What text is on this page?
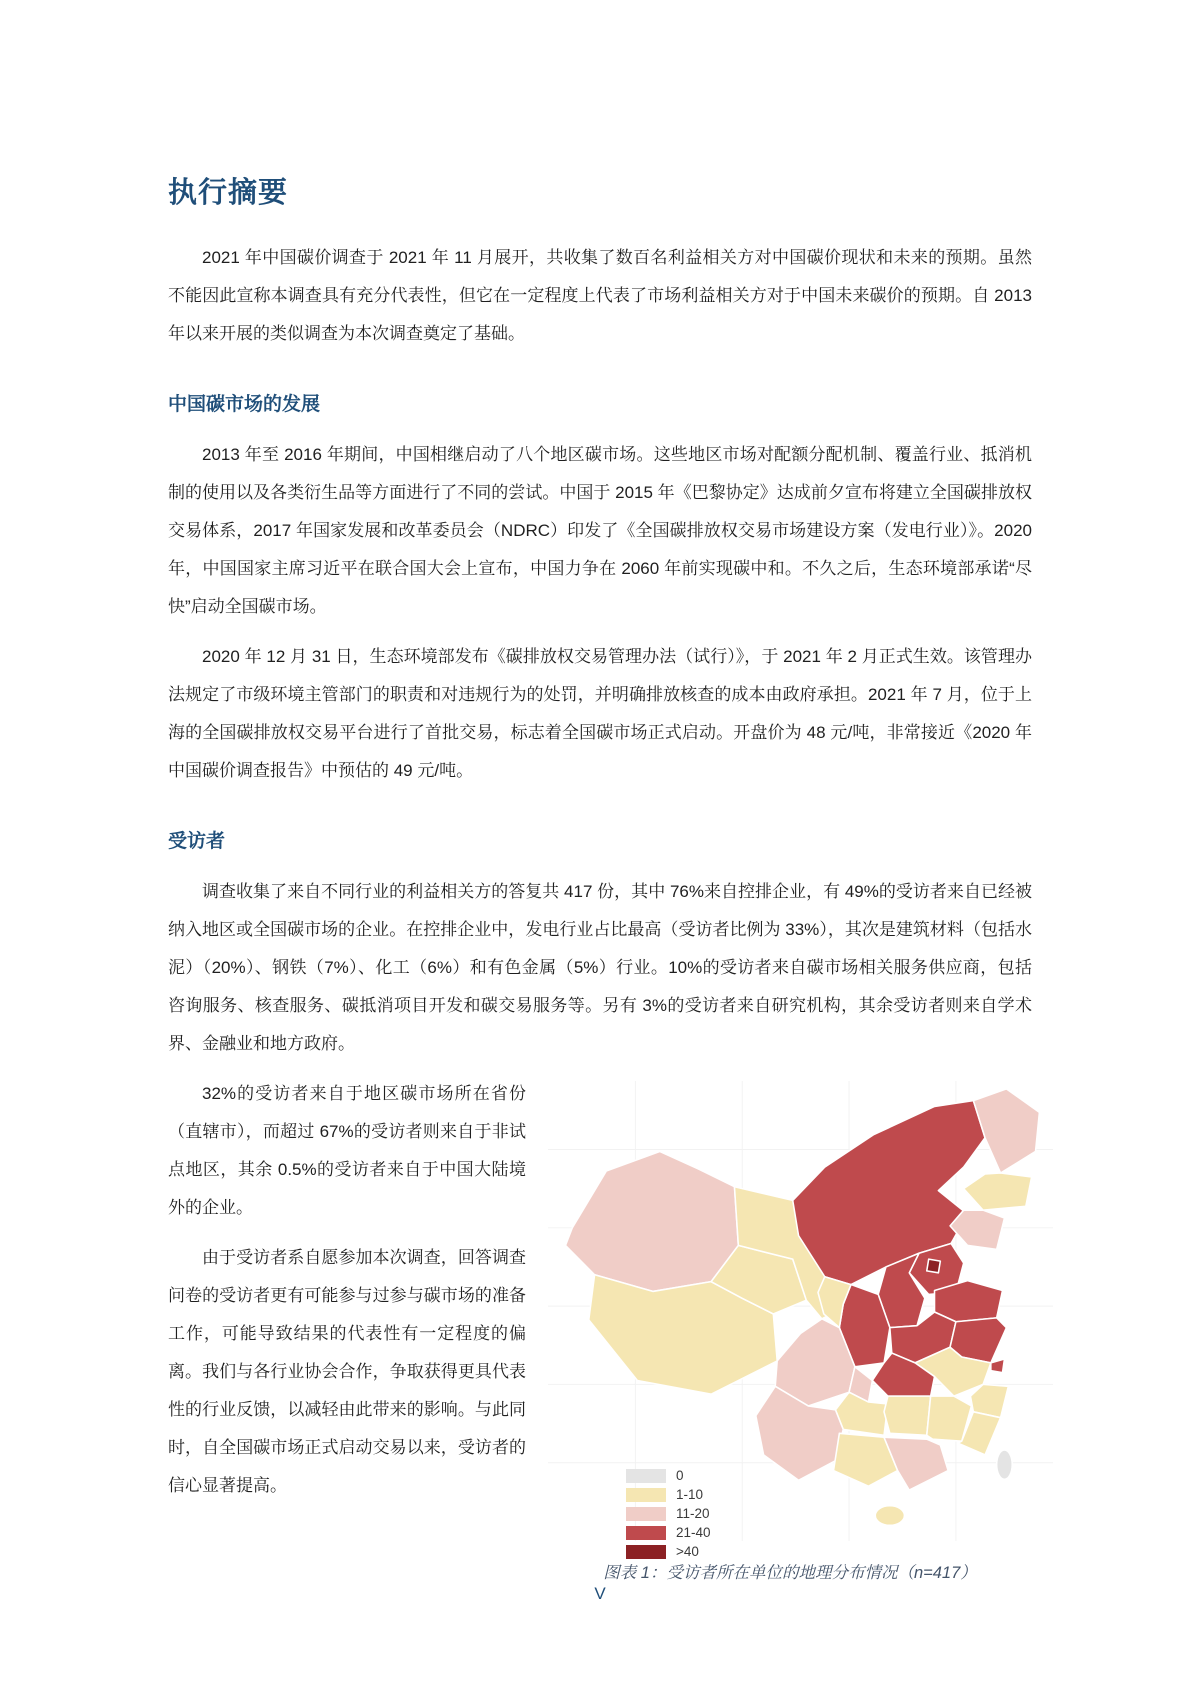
执行摘要

2021 年中国碳价调查于 2021 年 11 月展开，共收集了数百名利益相关方对中国碳价现状和未来的预期。虽然不能因此宣称本调查具有充分代表性，但它在一定程度上代表了市场利益相关方对于中国未来碳价的预期。自 2013 年以来开展的类似调查为本次调查奠定了基础。

中国碳市场的发展

2013 年至 2016 年期间，中国相继启动了八个地区碳市场。这些地区市场对配额分配机制、覆盖行业、抵消机制的使用以及各类衍生品等方面进行了不同的尝试。中国于 2015 年《巴黎协定》达成前夕宣布将建立全国碳排放权交易体系，2017 年国家发展和改革委员会（NDRC）印发了《全国碳排放权交易市场建设方案（发电行业）》。2020 年，中国国家主席习近平在联合国大会上宣布，中国力争在 2060 年前实现碳中和。不久之后，生态环境部承诺“尽快”启动全国碳市场。

2020 年 12 月 31 日，生态环境部发布《碳排放权交易管理办法（试行）》，于 2021 年 2 月正式生效。该管理办法规定了市级环境主管部门的职责和对违规行为的处罚，并明确排放核查的成本由政府承担。2021 年 7 月，位于上海的全国碳排放权交易平台进行了首批交易，标志着全国碳市场正式启动。开盘价为 48 元/吨，非常接近《2020 年中国碳价调查报告》中预估的 49 元/吨。

受访者

调查收集了来自不同行业的利益相关方的答复共 417 份，其中 76%来自控排企业，有 49%的受访者来自已经被纳入地区或全国碳市场的企业。在控排企业中，发电行业占比最高（受访者比例为 33%），其次是建筑材料（包括水泥）（20%）、钢铁（7%）、化工（6%）和有色金属（5%）行业。10%的受访者来自碳市场相关服务供应商，包括咨询服务、核查服务、碳抵消项目开发和碳交易服务等。另有 3%的受访者来自研究机构，其余受访者则来自学术界、金融业和地方政府。

32%的受访者来自于地区碳市场所在省份（直辖市），而超过 67%的受访者则来自于非试点地区，其余 0.5%的受访者来自于中国大陆境外的企业。

由于受访者系自愿参加本次调查，回答调查问卷的受访者更有可能参与过参与碳市场的准备工作，可能导致结果的代表性有一定程度的偏离。我们与各行业协会合作，争取获得更具代表性的行业反馈，以减轻由此带来的影响。与此同时，自全国碳市场正式启动交易以来，受访者的信心显著提高。

0
1-10
11-20
21-40
>40
图表 1：受访者所在单位的地理分布情况（n=417）
V
